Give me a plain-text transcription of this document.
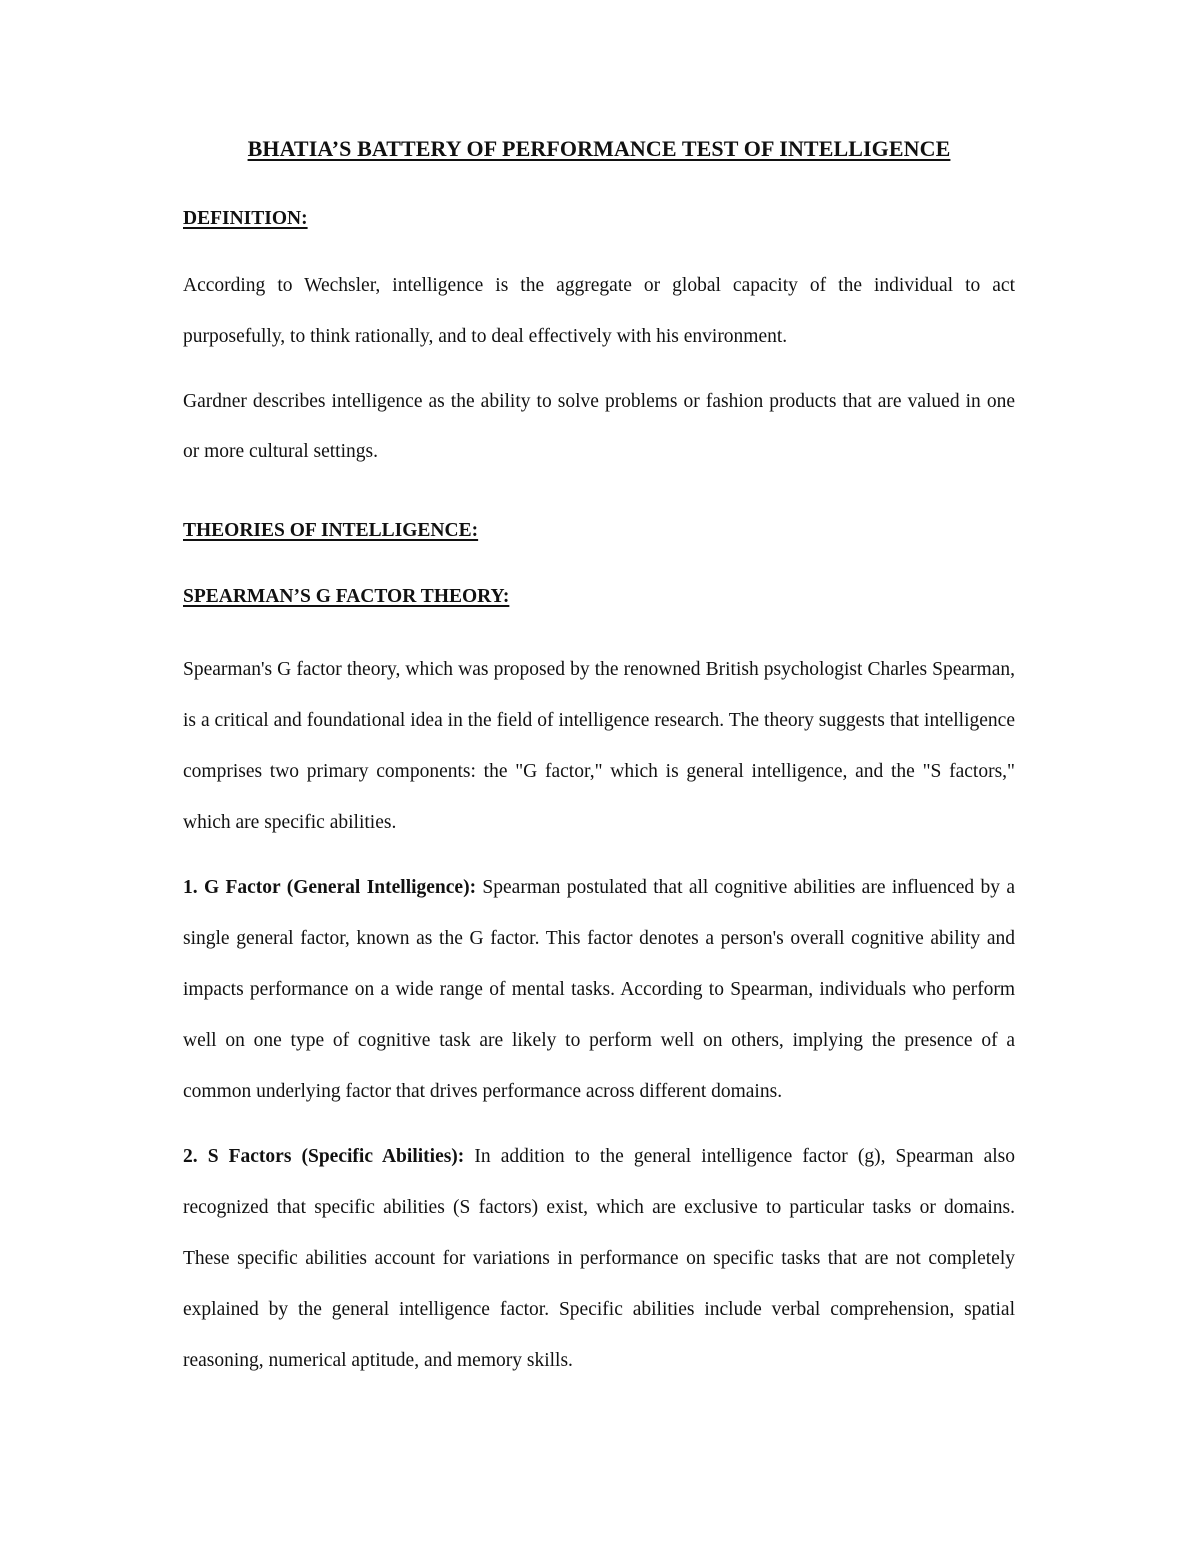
BHATIA’S BATTERY OF PERFORMANCE TEST OF INTELLIGENCE
DEFINITION:

According to Wechsler, intelligence is the aggregate or global capacity of the individual to act purposefully, to think rationally, and to deal effectively with his environment.

Gardner describes intelligence as the ability to solve problems or fashion products that are valued in one or more cultural settings.

THEORIES OF INTELLIGENCE:
SPEARMAN’S G FACTOR THEORY:

Spearman's G factor theory, which was proposed by the renowned British psychologist Charles Spearman, is a critical and foundational idea in the field of intelligence research. The theory suggests that intelligence comprises two primary components: the "G factor," which is general intelligence, and the "S factors," which are specific abilities.

1. G Factor (General Intelligence): Spearman postulated that all cognitive abilities are influenced by a single general factor, known as the G factor. This factor denotes a person's overall cognitive ability and impacts performance on a wide range of mental tasks. According to Spearman, individuals who perform well on one type of cognitive task are likely to perform well on others, implying the presence of a common underlying factor that drives performance across different domains.

2. S Factors (Specific Abilities): In addition to the general intelligence factor (g), Spearman also recognized that specific abilities (S factors) exist, which are exclusive to particular tasks or domains. These specific abilities account for variations in performance on specific tasks that are not completely explained by the general intelligence factor. Specific abilities include verbal comprehension, spatial reasoning, numerical aptitude, and memory skills.
